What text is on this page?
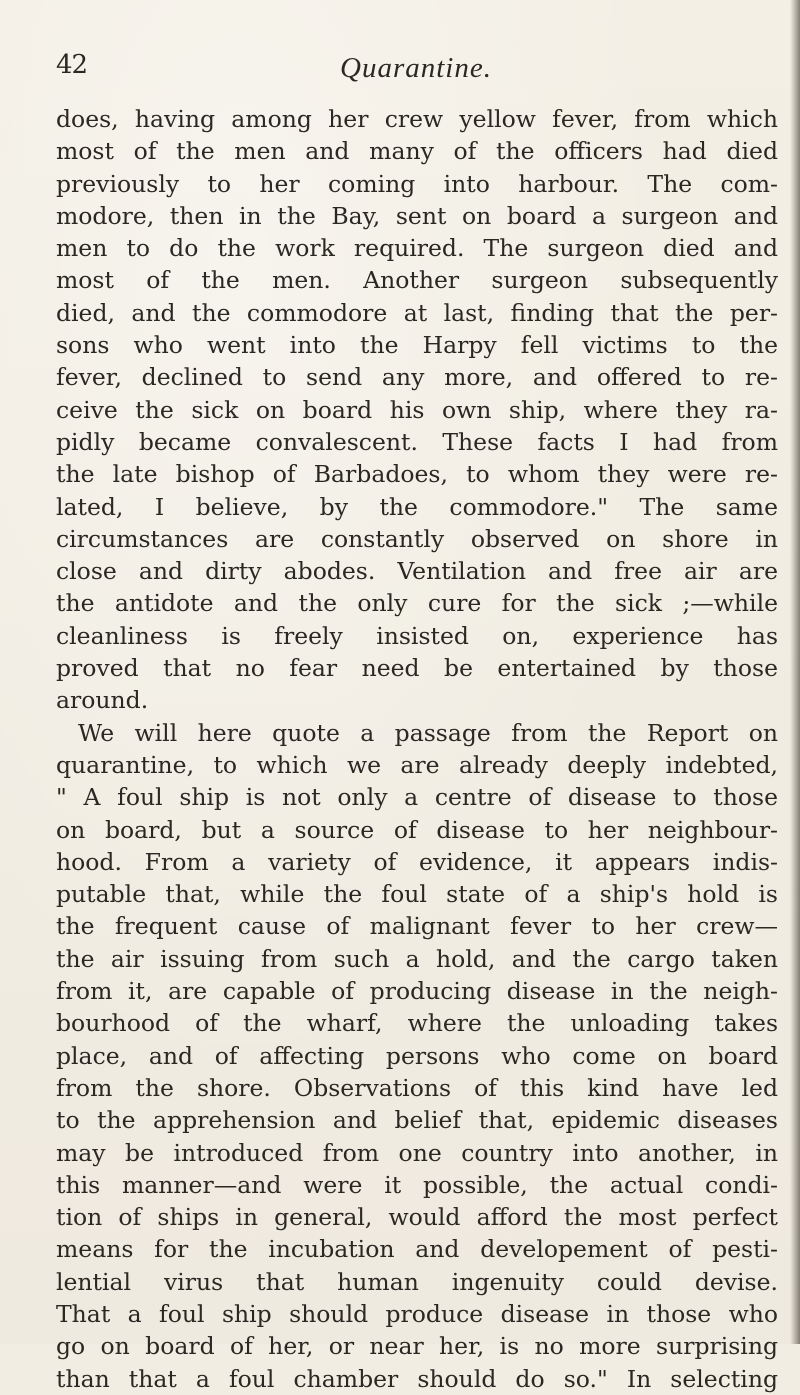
42	Quarantine.
does, having among her crew yellow fever, from which
most of the men and many of the officers had died
previously to her coming into harbour. The com-
modore, then in the Bay, sent on board a surgeon and
men to do the work required. The surgeon died and
most of the men. Another surgeon subsequently
died, and the commodore at last, finding that the per-
sons who went into the Harpy fell victims to the
fever, declined to send any more, and offered to re-
ceive the sick on board his own ship, where they ra-
pidly became convalescent. These facts I had from
the late bishop of Barbadoes, to whom they were re-
lated, I believe, by the commodore." The same
circumstances are constantly observed on shore in
close and dirty abodes. Ventilation and free air are
the antidote and the only cure for the sick ;—while
cleanliness is freely insisted on, experience has
proved that no fear need be entertained by those
around.
We will here quote a passage from the Report on
quarantine, to which we are already deeply indebted,
" A foul ship is not only a centre of disease to those
on board, but a source of disease to her neighbour-
hood. From a variety of evidence, it appears indis-
putable that, while the foul state of a ship's hold is
the frequent cause of malignant fever to her crew—
the air issuing from such a hold, and the cargo taken
from it, are capable of producing disease in the neigh-
bourhood of the wharf, where the unloading takes
place, and of affecting persons who come on board
from the shore. Observations of this kind have led
to the apprehension and belief that, epidemic diseases
may be introduced from one country into another, in
this manner—and were it possible, the actual condi-
tion of ships in general, would afford the most perfect
means for the incubation and developement of pesti-
lential virus that human ingenuity could devise.
That a foul ship should produce disease in those who
go on board of her, or near her, is no more surprising
than that a foul chamber should do so." In selecting
